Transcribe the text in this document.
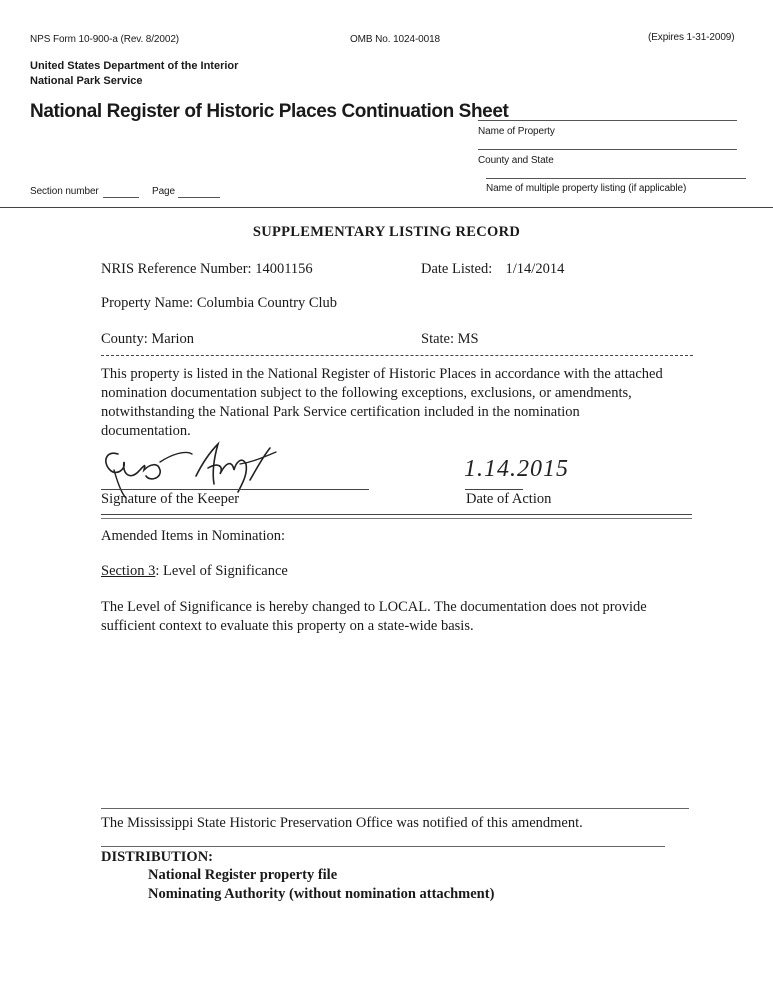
NPS Form 10-900-a (Rev. 8/2002)	OMB No. 1024-0018	(Expires 1-31-2009)
United States Department of the Interior
National Park Service
National Register of Historic Places Continuation Sheet
Name of Property
County and State
Name of multiple property listing (if applicable)
Section number	Page
SUPPLEMENTARY LISTING RECORD
NRIS Reference Number: 14001156	Date Listed: 1/14/2014
Property Name: Columbia Country Club
County: Marion	State: MS
This property is listed in the National Register of Historic Places in accordance with the attached
nomination documentation subject to the following exceptions, exclusions, or amendments,
notwithstanding the National Park Service certification included in the nomination
documentation.
Signature of the Keeper
1.14.2015
Date of Action
Amended Items in Nomination:
Section 3: Level of Significance
The Level of Significance is hereby changed to LOCAL. The documentation does not provide
sufficient context to evaluate this property on a state-wide basis.
The Mississippi State Historic Preservation Office was notified of this amendment.
DISTRIBUTION:
National Register property file
Nominating Authority (without nomination attachment)
